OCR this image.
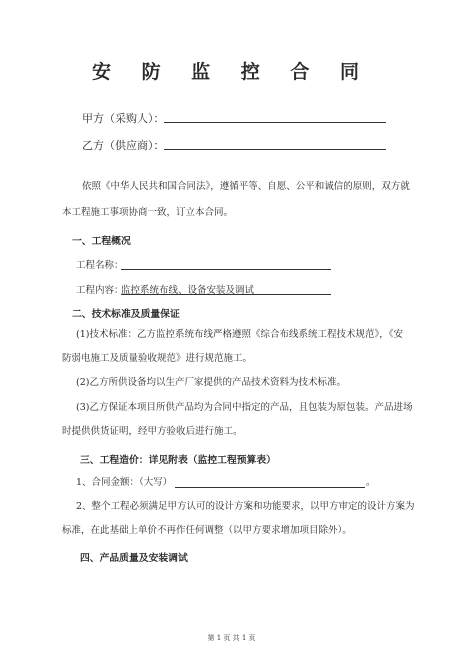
安 防 监 控 合 同
甲方（采购人）：
乙方（供应商）：
依照《中华人民共和国合同法》，遵循平等、自愿、公平和诚信的原则，双方就
本工程施工事项协商一致，订立本合同。
一、工程概况
工程名称：
工程内容：
监控系统布线、设备安装及调试
二、技术标准及质量保证
(1)技术标准：乙方监控系统布线严格遵照《综合布线系统工程技术规范》，《安
防弱电施工及质量验收规范》进行规范施工。
(2)乙方所供设备均以生产厂家提供的产品技术资料为技术标准。
(3)乙方保证本项目所供产品均为合同中指定的产品，且包装为原包装。产品进场
时提供供货证明，经甲方验收后进行施工。
三、工程造价：详见附表（监控工程预算表）
1、合同金额：（大写）	。
2、整个工程必须满足甲方认可的设计方案和功能要求，以甲方审定的设计方案为
标准，在此基础上单价不再作任何调整（以甲方要求增加项目除外）。
四、产品质量及安装调试
第 1 页 共 1 页
